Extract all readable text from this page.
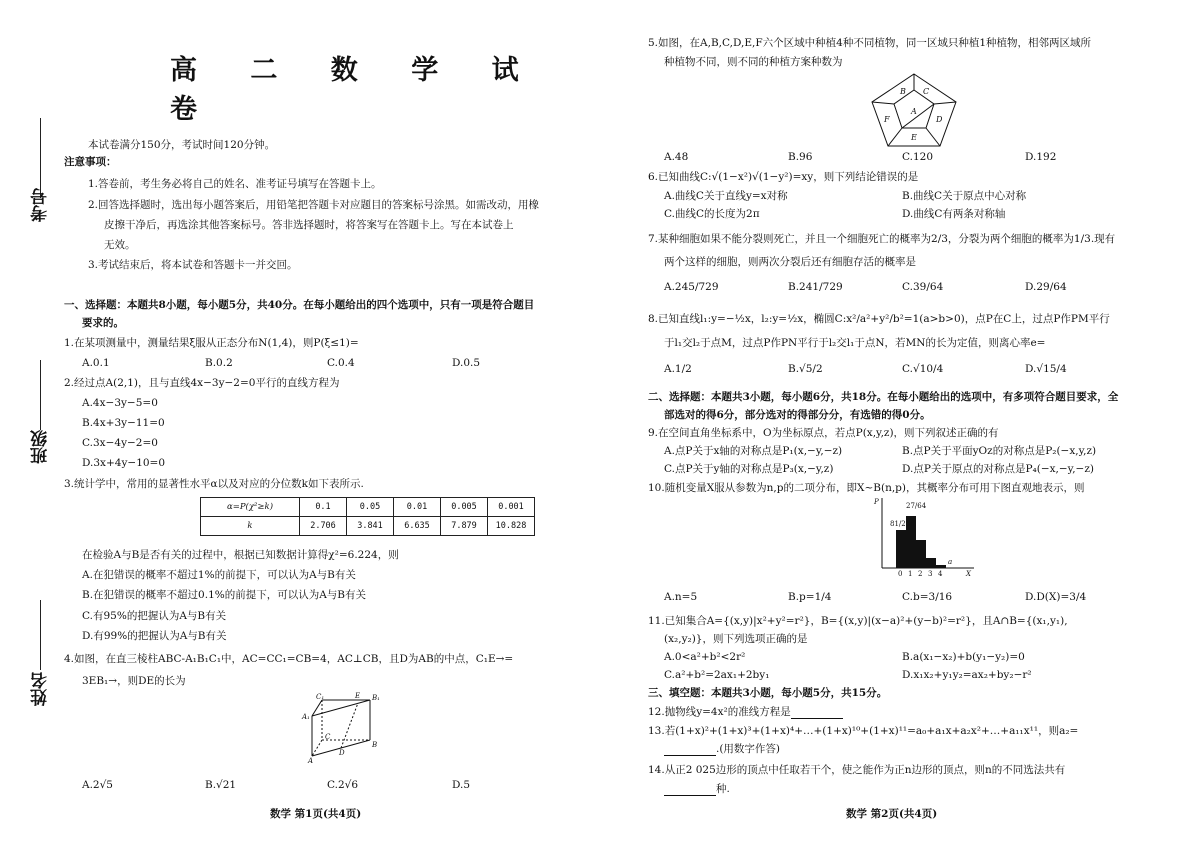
高 二 数 学 试 卷
考号
班级
姓名
本试卷满分150分，考试时间120分钟。
注意事项：
1.答卷前，考生务必将自己的姓名、准考证号填写在答题卡上。
2.回答选择题时，选出每小题答案后，用铅笔把答题卡对应题目的答案标号涂黑。如需改动，用橡
皮擦干净后，再选涂其他答案标号。答非选择题时，将答案写在答题卡上。写在本试卷上
无效。
3.考试结束后，将本试卷和答题卡一并交回。
一、选择题：本题共8小题，每小题5分，共40分。在每小题给出的四个选项中，只有一项是符合题目
要求的。
1.在某项测量中，测量结果ξ服从正态分布N(1,4)，则P(ξ≤1)=
A.0.1	B.0.2	C.0.4	D.0.5
2.经过点A(2,1)，且与直线4x−3y−2=0平行的直线方程为
A.4x−3y−5=0
B.4x+3y−11=0
C.3x−4y−2=0
D.3x+4y−10=0
3.统计学中，常用的显著性水平α以及对应的分位数k如下表所示.
α=P(χ²≥k)	0.1	0.05	0.01	0.005	0.001
k	2.706	3.841	6.635	7.879	10.828
在检验A与B是否有关的过程中，根据已知数据计算得χ²=6.224，则
A.在犯错误的概率不超过1%的前提下，可以认为A与B有关
B.在犯错误的概率不超过0.1%的前提下，可以认为A与B有关
C.有95%的把握认为A与B有关
D.有99%的把握认为A与B有关
4.如图，在直三棱柱ABC-A₁B₁C₁中，AC=CC₁=CB=4，AC⊥CB，且D为AB的中点，C₁E→=
3EB₁→，则DE的长为
C₁	E B₁
A₁
C
D
B
A
A.2√5	B.√21	C.2√6	D.5
数学 第1页(共4页)
5.如图，在A,B,C,D,E,F六个区域中种植4种不同植物，同一区域只种植1种植物，相邻两区域所
种植物不同，则不同的种植方案种数为
B C
A
F	D
E
A.48	B.96	C.120	D.192
6.已知曲线C:√(1−x²)√(1−y²)=xy，则下列结论错误的是
A.曲线C关于直线y=x对称	B.曲线C关于原点中心对称
C.曲线C的长度为2π	D.曲线C有两条对称轴
7.某种细胞如果不能分裂则死亡，并且一个细胞死亡的概率为2/3，分裂为两个细胞的概率为1/3.现有
两个这样的细胞，则两次分裂后还有细胞存活的概率是
A.245/729	B.241/729	C.39/64	D.29/64
8.已知直线l₁:y=−½x，l₂:y=½x，椭圆C:x²/a²+y²/b²=1(a>b>0)，点P在C上，过点P作PM平行
于l₁交l₂于点M，过点P作PN平行于l₂交l₁于点N，若MN的长为定值，则离心率e=
A.1/2	B.√5/2	C.√10/4	D.√15/4
二、选择题：本题共3小题，每小题6分，共18分。在每小题给出的选项中，有多项符合题目要求，全
部选对的得6分，部分选对的得部分分，有选错的得0分。
9.在空间直角坐标系中，O为坐标原点，若点P(x,y,z)，则下列叙述正确的有
A.点P关于x轴的对称点是P₁(x,−y,−z)	B.点P关于平面yOz的对称点是P₂(−x,y,z)
C.点P关于y轴的对称点是P₃(x,−y,z)	D.点P关于原点的对称点是P₄(−x,−y,−z)
10.随机变量X服从参数为n,p的二项分布，即X~B(n,p)，其概率分布可用下图直观地表示，则
P	27/64
81/256
a
0 1 2 3 4	X
A.n=5	B.p=1/4	C.b=3/16	D.D(X)=3/4
11.已知集合A={(x,y)|x²+y²=r²}，B={(x,y)|(x−a)²+(y−b)²=r²}，且A∩B={(x₁,y₁),
(x₂,y₂)}，则下列选项正确的是
A.0<a²+b²<2r²	B.a(x₁−x₂)+b(y₁−y₂)=0
C.a²+b²=2ax₁+2by₁	D.x₁x₂+y₁y₂=ax₂+by₂−r²
三、填空题：本题共3小题，每小题5分，共15分。
12.抛物线y=4x²的准线方程是
13.若(1+x)²+(1+x)³+(1+x)⁴+…+(1+x)¹⁰+(1+x)¹¹=a₀+a₁x+a₂x²+…+a₁₁x¹¹，则a₂=
.(用数字作答)
14.从正2 025边形的顶点中任取若干个，使之能作为正n边形的顶点，则n的不同选法共有
种.
数学 第2页(共4页)
